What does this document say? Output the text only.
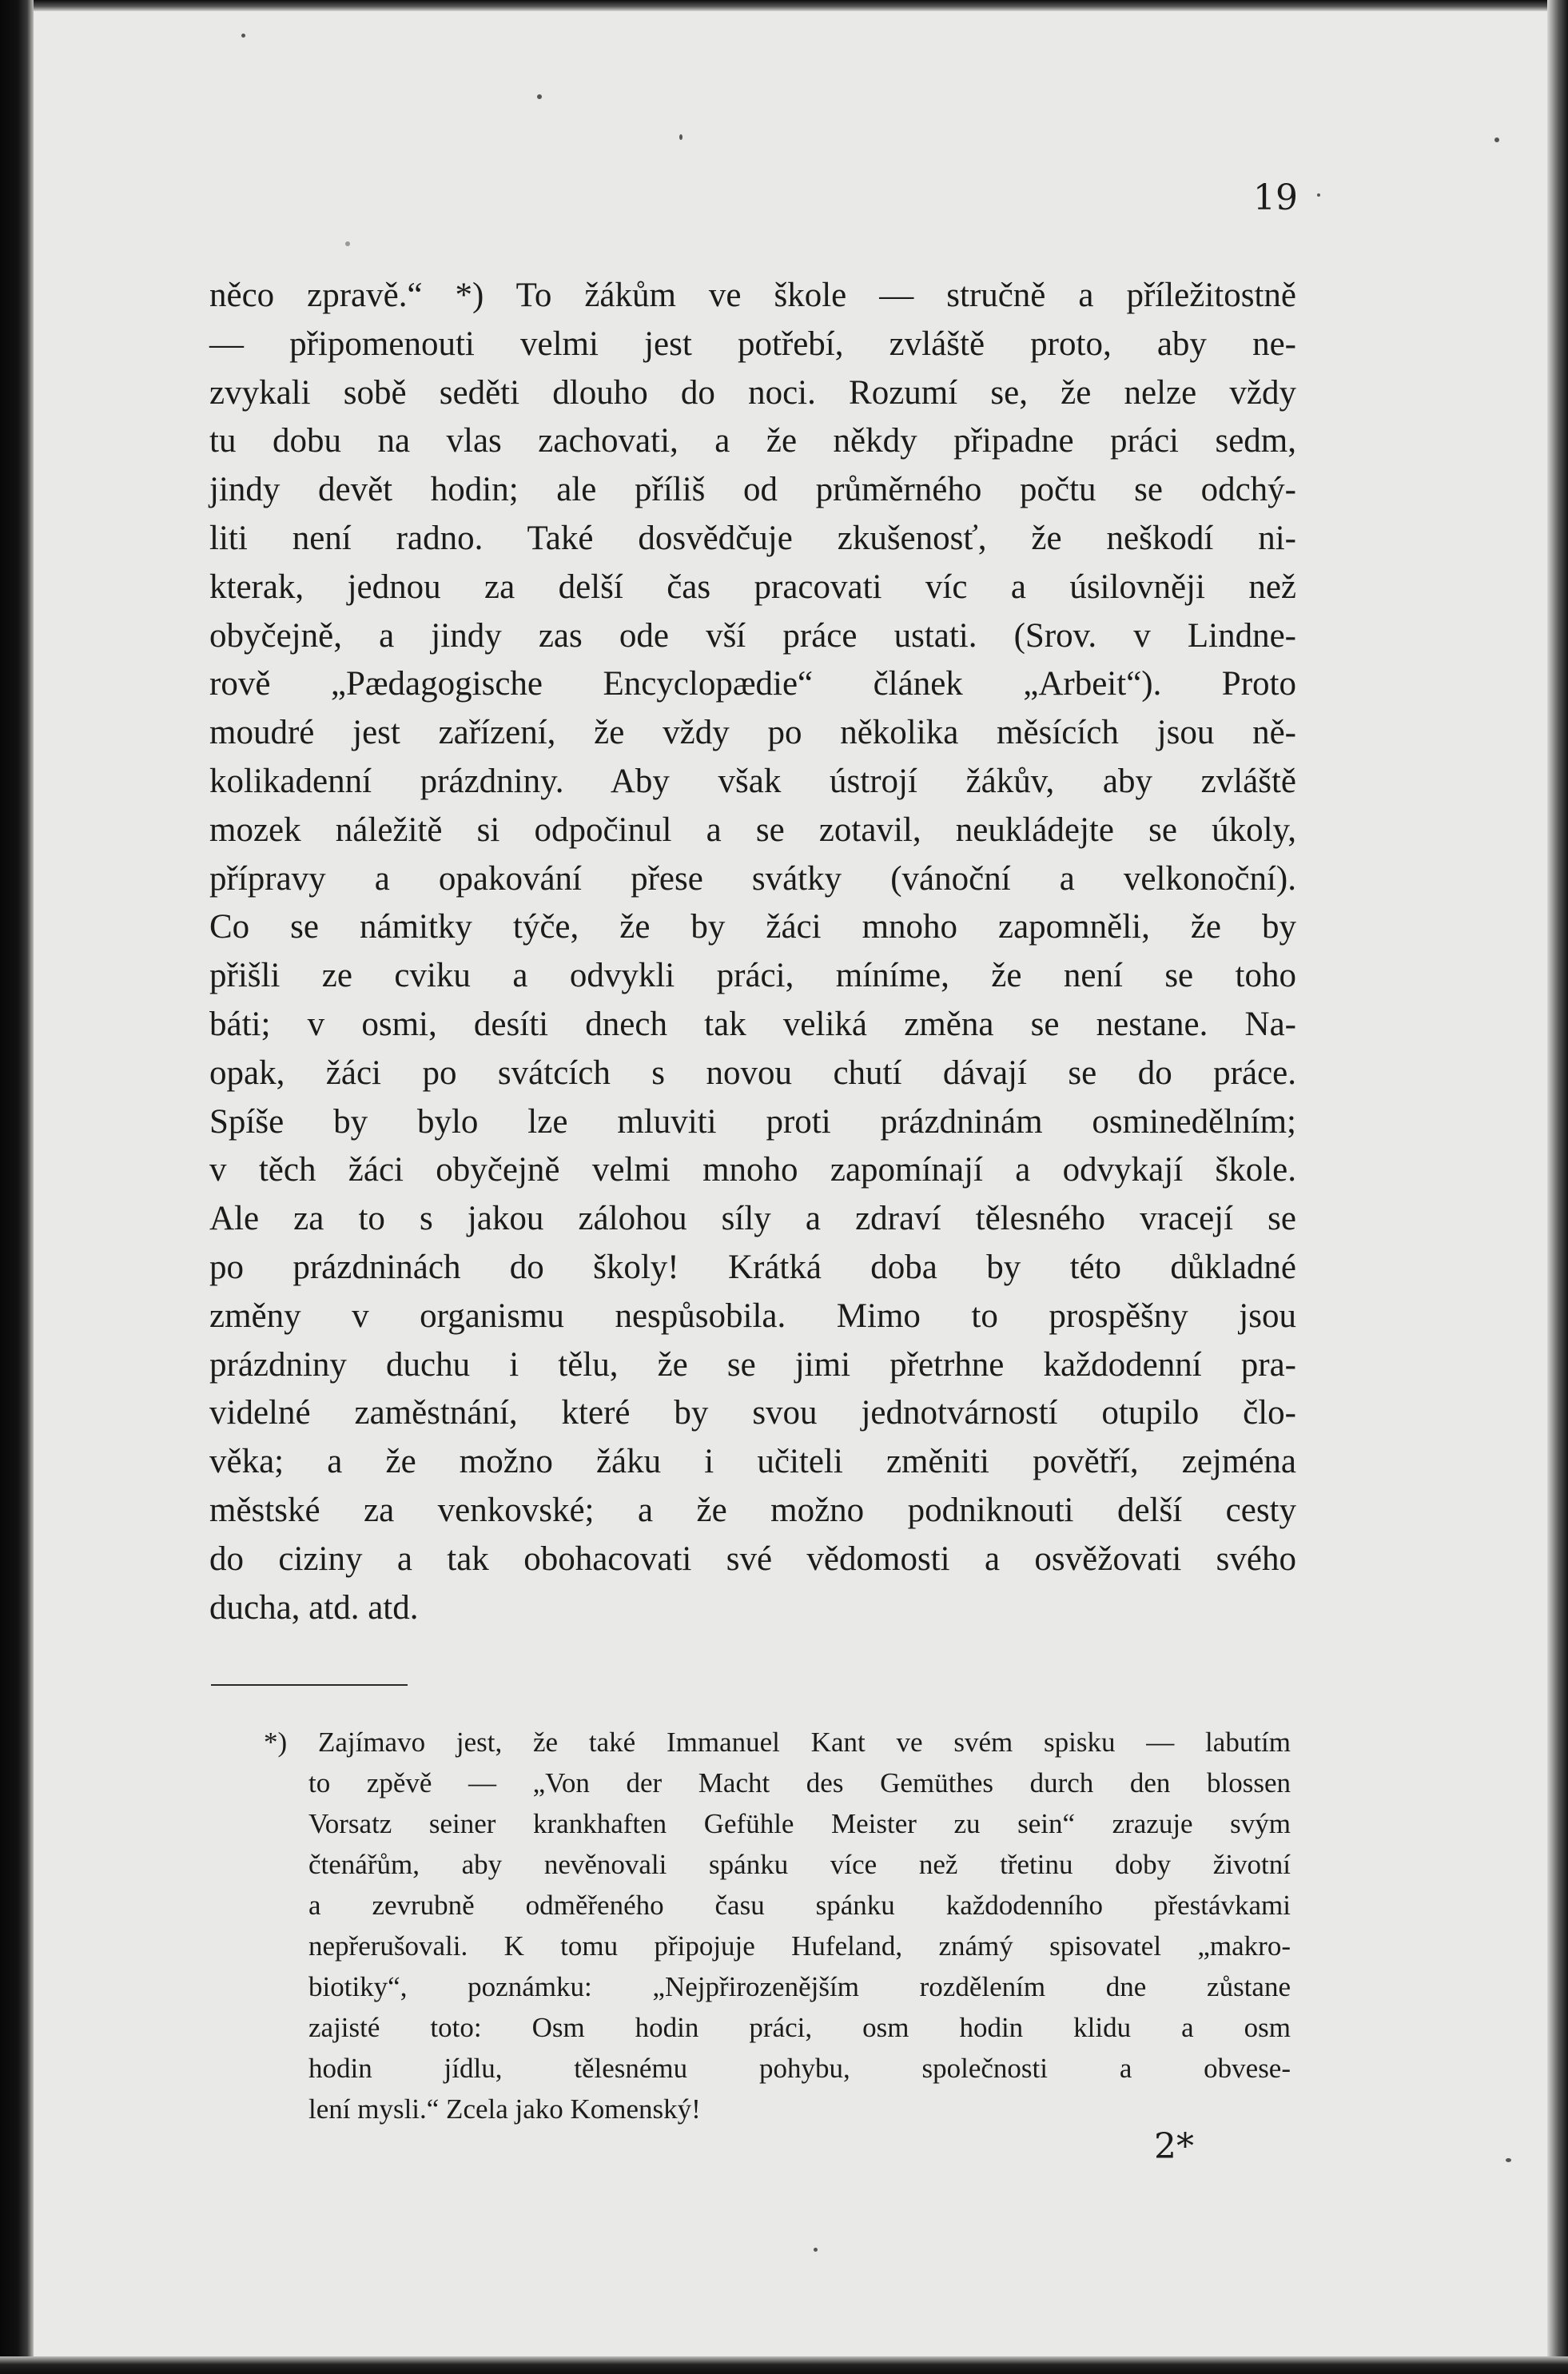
19
něco zpravě.“ *) To žákům ve škole — stručně a příležitostně
— připomenouti velmi jest potřebí, zvláště proto, aby ne-
zvykali sobě seděti dlouho do noci. Rozumí se, že nelze vždy
tu dobu na vlas zachovati, a že někdy připadne práci sedm,
jindy devět hodin; ale příliš od průměrného počtu se odchý-
liti není radno. Také dosvědčuje zkušenosť, že neškodí ni-
kterak, jednou za delší čas pracovati víc a úsilovněji než
obyčejně, a jindy zas ode vší práce ustati. (Srov. v Lindne-
rově „Pædagogische Encyclopædie“ článek „Arbeit“). Proto
moudré jest zařízení, že vždy po několika měsících jsou ně-
kolikadenní prázdniny. Aby však ústrojí žákův, aby zvláště
mozek náležitě si odpočinul a se zotavil, neukládejte se úkoly,
přípravy a opakování přese svátky (vánoční a velkonoční).
Co se námitky týče, že by žáci mnoho zapomněli, že by
přišli ze cviku a odvykli práci, míníme, že není se toho
báti; v osmi, desíti dnech tak veliká změna se nestane. Na-
opak, žáci po svátcích s novou chutí dávají se do práce.
Spíše by bylo lze mluviti proti prázdninám osminedělním;
v těch žáci obyčejně velmi mnoho zapomínají a odvykají škole.
Ale za to s jakou zálohou síly a zdraví tělesného vracejí se
po prázdninách do školy! Krátká doba by této důkladné
změny v organismu nespůsobila. Mimo to prospěšny jsou
prázdniny duchu i tělu, že se jimi přetrhne každodenní pra-
videlné zaměstnání, které by svou jednotvárností otupilo člo-
věka; a že možno žáku i učiteli změniti povětří, zejména
městské za venkovské; a že možno podniknouti delší cesty
do ciziny a tak obohacovati své vědomosti a osvěžovati svého
ducha, atd. atd.
*) Zajímavo jest, že také Immanuel Kant ve svém spisku — labutím
to zpěvě — „Von der Macht des Gemüthes durch den blossen
Vorsatz seiner krankhaften Gefühle Meister zu sein“ zrazuje svým
čtenářům, aby nevěnovali spánku více než třetinu doby životní
a zevrubně odměřeného času spánku každodenního přestávkami
nepřerušovali. K tomu připojuje Hufeland, známý spisovatel „makro-
biotiky“, poznámku: „Nejpřirozenějším rozdělením dne zůstane
zajisté toto: Osm hodin práci, osm hodin klidu a osm
hodin jídlu, tělesnému pohybu, společnosti a obvese-
lení mysli.“ Zcela jako Komenský!
2*
